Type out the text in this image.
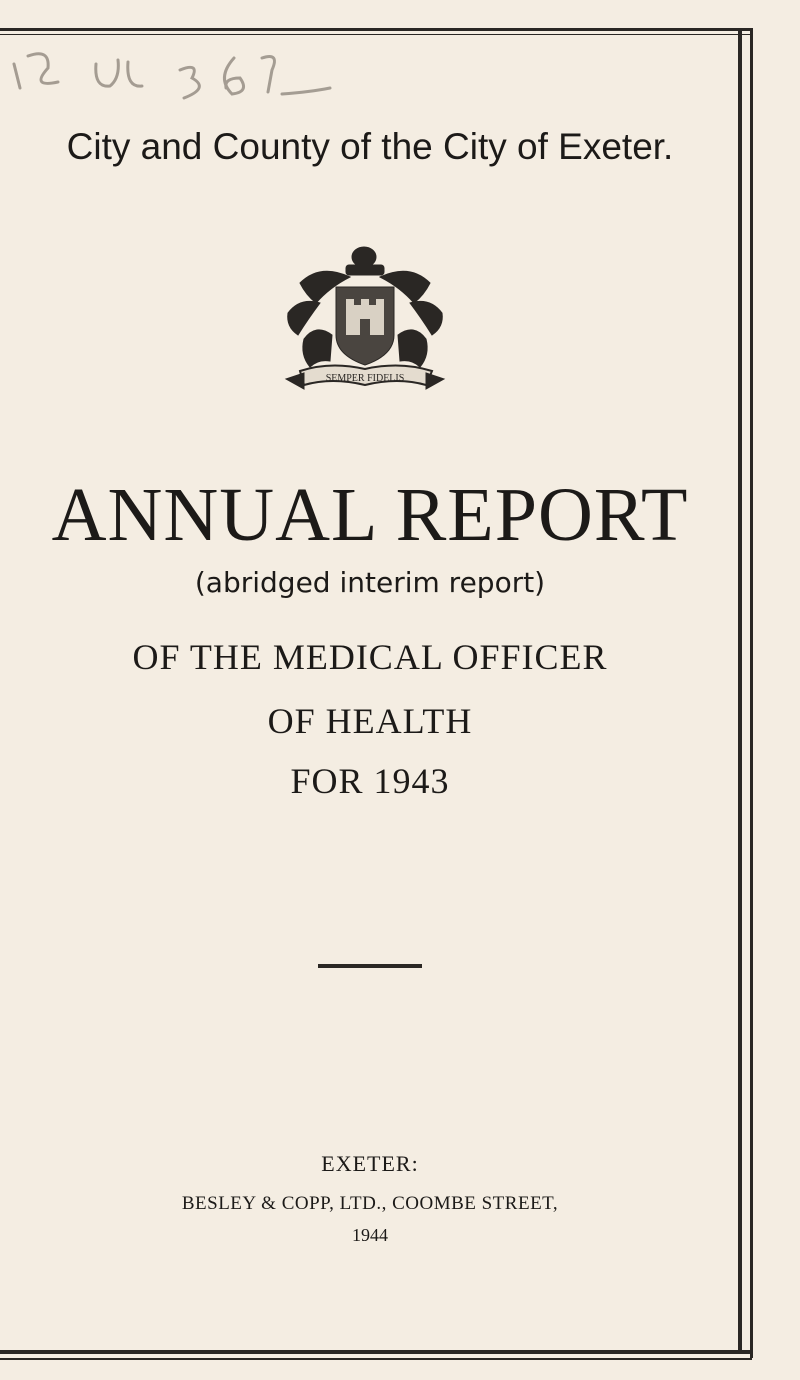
City and County of the City of Exeter.
SEMPER FIDELIS
ANNUAL REPORT
(abridged interim report)
OF THE MEDICAL OFFICER
OF HEALTH
FOR 1943
EXETER:
BESLEY & COPP, LTD., COOMBE STREET,
1944
